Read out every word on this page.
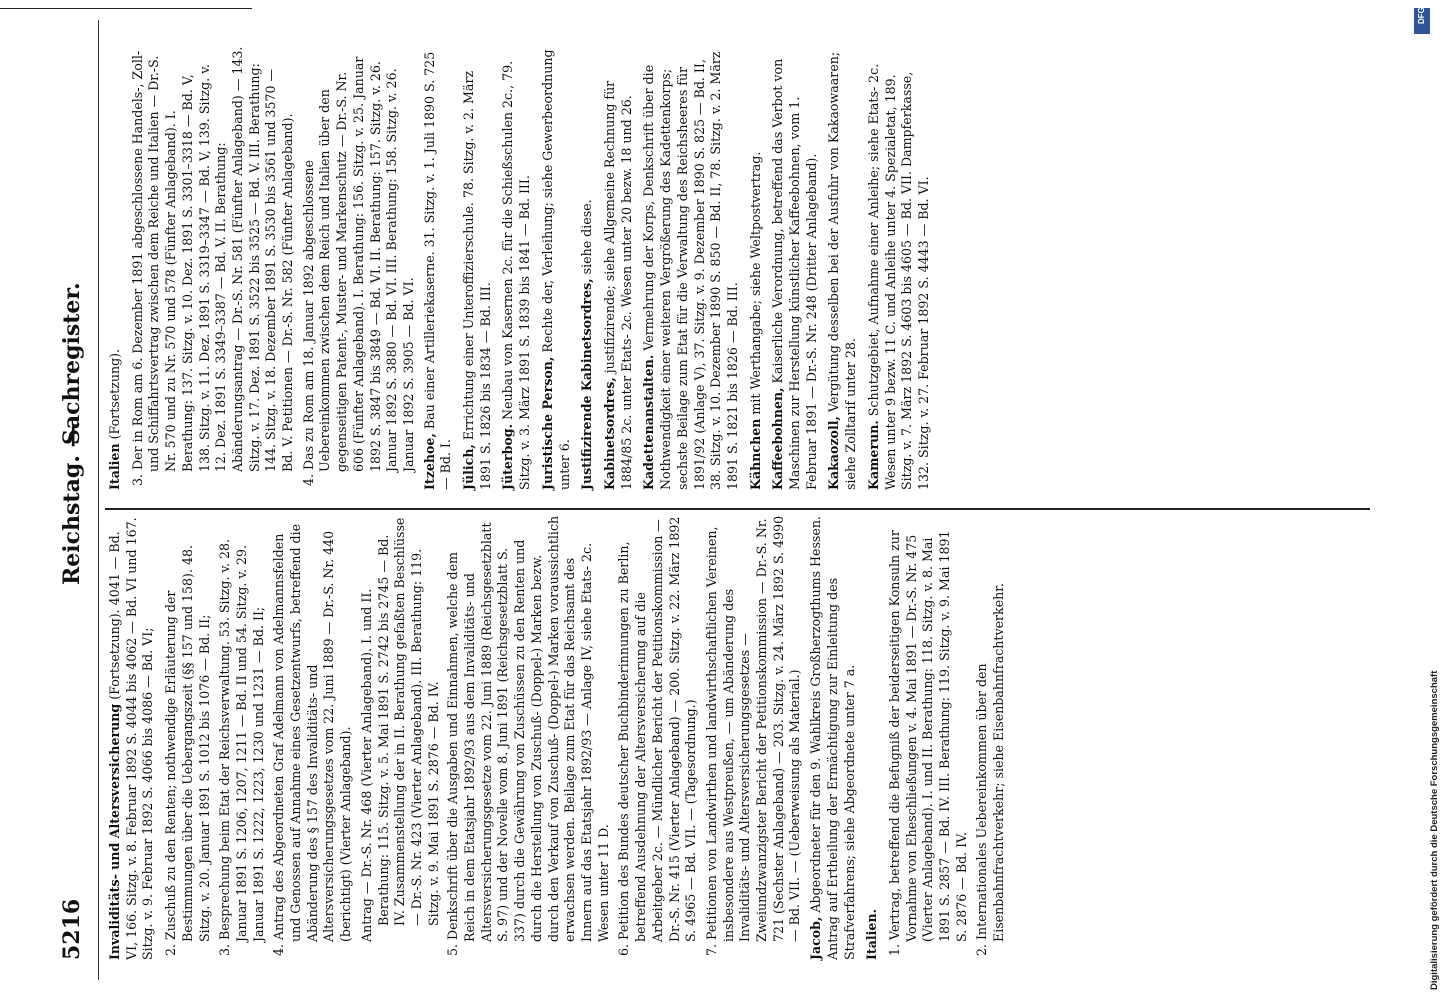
5216
Reichstag. —
Sachregister.

Invaliditäts- und Altersversicherung (Fortsetzung). 4041 — Bd. VI, 166. Sitzg. v. 8. Februar 1892 S. 4044 bis 4062 — Bd. VI und 167. Sitzg. v. 9. Februar 1892 S. 4066 bis 4086 — Bd. VI; 2. Zuschuß zu den Renten; nothwendige Erläuterung der Bestimmungen über die Uebergangszeit (§§ 157 und 158). 48. Sitzg. v. 20. Januar 1891 S. 1012 bis 1076 — Bd. II; 3. Besprechung beim Etat der Reichsverwaltung. 53. Sitzg. v. 28. Januar 1891 S. 1206, 1207, 1211 — Bd. II und 54. Sitzg. v. 29. Januar 1891 S. 1222, 1223, 1230 und 1231 — Bd. II; 4. Antrag des Abgeordneten Graf Adelmann von Adelmannsfelden und Genossen auf Annahme eines Gesetzentwurfs, betreffend die Abänderung des § 157 des Invaliditäts- und Altersversicherungsgesetzes vom 22. Juni 1889 — Dr.-S. Nr. 440 (berichtigt) (Vierter Anlageband). Antrag — Dr.-S. Nr. 468 (Vierter Anlageband). I. und II. Berathung: 115. Sitzg. v. 5. Mai 1891 S. 2742 bis 2745 — Bd. IV. Zusammenstellung der in II. Berathung gefaßten Beschlüsse — Dr.-S. Nr. 423 (Vierter Anlageband). III. Berathung: 119. Sitzg. v. 9. Mai 1891 S. 2876 — Bd. IV. 5. Denkschrift über die Ausgaben und Einnahmen, welche dem Reich in dem Etatsjahr 1892/93 aus dem Invaliditäts- und Altersversicherungsgesetze vom 22. Juni 1889 (Reichsgesetzblatt S. 97) und der Novelle vom 8. Juni 1891 (Reichsgesetzblatt S. 337) durch die Gewährung von Zuschüssen zu den Renten und durch die Herstellung von Zuschuß- (Doppel-) Marken bezw. durch den Verkauf von Zuschuß- (Doppel-) Marken voraussichtlich erwachsen werden. Beilage zum Etat für das Reichsamt des Innern auf das Etatsjahr 1892/93 — Anlage IV, siehe Etats- 2c. Wesen unter 11 D. 6. Petition des Bundes deutscher Buchbinderinnungen zu Berlin, betreffend Ausdehnung der Altersversicherung auf die Arbeitgeber 2c. — Mündlicher Bericht der Petitionskommission — Dr.-S. Nr. 415 (Vierter Anlageband) — 200. Sitzg. v. 22. März 1892 S. 4965 — Bd. VII. — (Tagesordnung.) 7. Petitionen von Landwirthen und landwirthschaftlichen Vereinen, insbesondere aus Westpreußen, — um Abänderung des Invaliditäts- und Altersversicherungsgesetzes — Zweiundzwanzigster Bericht der Petitionskommission — Dr.-S. Nr. 721 (Sechster Anlageband) — 203. Sitzg. v. 24. März 1892 S. 4990 — Bd. VII. — (Ueberweisung als Material.) Jacob, Abgeordneter für den 9. Wahlkreis Großherzogthums Hessen. Antrag auf Ertheilung der Ermächtigung zur Einleitung des Strafverfahrens; siehe Abgeordnete unter 7 a. Italien. 1. Vertrag, betreffend die Befugniß der beiderseitigen Konsuln zur Vornahme von Eheschließungen v. 4. Mai 1891 — Dr.-S. Nr. 475 (Vierter Anlageband). I. und II. Berathung: 118. Sitzg. v. 8. Mai 1891 S. 2857 — Bd. IV. III. Berathung: 119. Sitzg. v. 9. Mai 1891 S. 2876 — Bd. IV. 2. Internationales Uebereinkommen über den Eisenbahnfrachtverkehr; siehe Eisenbahnfrachtverkehr.

Italien (Fortsetzung). 3. Der in Rom am 6. Dezember 1891 abgeschlossene Handels-, Zoll- und Schiffahrtsvertrag zwischen dem Reiche und Italien — Dr.-S. Nr. 570 und zu Nr. 570 und 578 (Fünfter Anlageband). I. Berathung: 137. Sitzg. v. 10. Dez. 1891 S. 3301–3318 — Bd. V, 138. Sitzg. v. 11. Dez. 1891 S. 3319–3347 — Bd. V, 139. Sitzg. v. 12. Dez. 1891 S. 3349–3387 — Bd. V. II. Berathung: Abänderungsantrag — Dr.-S. Nr. 581 (Fünfter Anlageband) — 143. Sitzg. v. 17. Dez. 1891 S. 3522 bis 3525 — Bd. V. III. Berathung: 144. Sitzg. v. 18. Dezember 1891 S. 3530 bis 3561 und 3570 — Bd. V. Petitionen — Dr.-S. Nr. 582 (Fünfter Anlageband). 4. Das zu Rom am 18. Januar 1892 abgeschlossene Uebereinkommen zwischen dem Reich und Italien über den gegenseitigen Patent-, Muster- und Markenschutz — Dr.-S. Nr. 606 (Fünfter Anlageband). I. Berathung: 156. Sitzg. v. 25. Januar 1892 S. 3847 bis 3849 — Bd. VI. II. Berathung: 157. Sitzg. v. 26. Januar 1892 S. 3880 — Bd. VI. III. Berathung: 158. Sitzg. v. 26. Januar 1892 S. 3905 — Bd. VI. Itzehoe, Bau einer Artilleriekaserne. 31. Sitzg. v. 1. Juli 1890 S. 725 — Bd. I. Jülich, Errichtung einer Unteroffizierschule. 78. Sitzg. v. 2. März 1891 S. 1826 bis 1834 — Bd. III. Jüterbog. Neubau von Kasernen 2c. für die Schießschulen 2c., 79. Sitzg. v. 3. März 1891 S. 1839 bis 1841 — Bd. III. Juristische Person, Rechte der, Verleihung; siehe Gewerbeordnung unter 6. Justifizirende Kabinetsordres, siehe diese.

Kabinetsordres, justifizirende; siehe Allgemeine Rechnung für 1884/85 2c. unter Etats- 2c. Wesen unter 20 bezw. 18 und 26. Kadettenanstalten. Vermehrung der Korps, Denkschrift über die Nothwendigkeit einer weiteren Vergrößerung des Kadettenkorps; sechste Beilage zum Etat für die Verwaltung des Reichsheeres für 1891/92 (Anlage V), 37. Sitzg. v. 9. Dezember 1890 S. 825 — Bd. II, 38. Sitzg. v. 10. Dezember 1890 S. 850 — Bd. II, 78. Sitzg. v. 2. März 1891 S. 1821 bis 1826 — Bd. III. Kähnchen mit Werthangabe; siehe Weltpostvertrag.

Kaffeebohnen, Kaiserliche Verordnung, betreffend das Verbot von Maschinen zur Herstellung künstlicher Kaffeebohnen, vom 1. Februar 1891 — Dr.-S. Nr. 248 (Dritter Anlageband). Kakaozoll, Vergütung desselben bei der Ausfuhr von Kakaowaaren; siehe Zolltarif unter 28. Kamerun. Schutzgebiet, Aufnahme einer Anleihe; siehe Etats- 2c. Wesen unter 9 bezw. 11 C. und Anleihe unter 4. Spezialetat, 189. Sitzg. v. 7. März 1892 S. 4603 bis 4605 — Bd. VII. Dampferkasse, 132. Sitzg. v. 27. Februar 1892 S. 4443 — Bd. VI.

DFG
Digitalisierung gefördert durch die Deutsche Forschungsgemeinschaft
